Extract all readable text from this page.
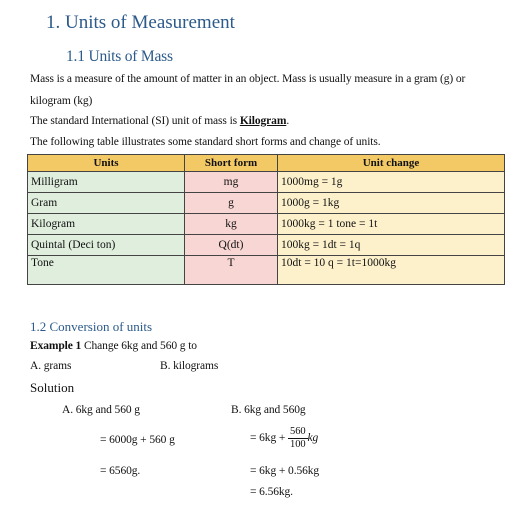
1. Units of Measurement
1.1 Units of Mass
Mass is a measure of the amount of matter in an object. Mass is usually measure in a gram (g) or
kilogram (kg)
The standard International (SI) unit of mass is Kilogram.
The following table illustrates some standard short forms and change of units.
Units	Short form	Unit change
Milligram	mg	1000mg = 1g
Gram	g	1000g = 1kg
Kilogram	kg	1000kg = 1 tone = 1t
Quintal (Deci ton)	Q(dt)	100kg = 1dt = 1q
Tone	T	10dt = 10 q = 1t=1000kg
1.2 Conversion of units
Example 1 Change 6kg and 560 g to
A. grams	B. kilograms
Solution
A. 6kg and 560 g
= 6000g + 560 g
= 6560g.
B. 6kg and 560g
= $6kg + \frac{560}{100}$ kg
= 6kg + 0.56kg
= 6.56kg.
